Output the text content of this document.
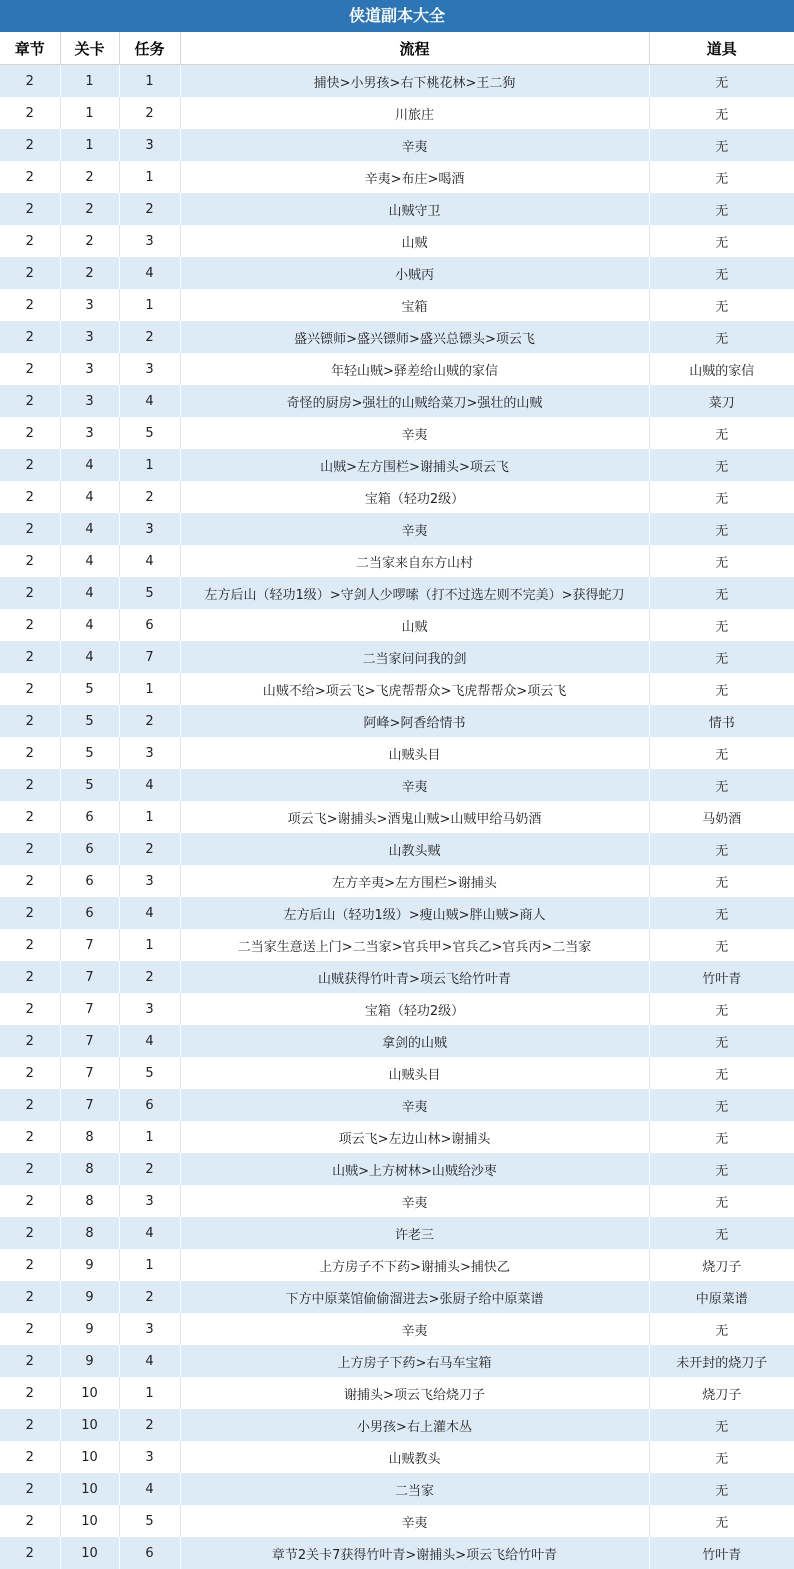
侠道副本大全
章节	关卡	任务	流程	道具
2	1	1	捕快>小男孩>右下桃花林>王二狗	无
2	1	2	川旅庄	无
2	1	3	辛夷	无
2	2	1	辛夷>布庄>喝酒	无
2	2	2	山贼守卫	无
2	2	3	山贼	无
2	2	4	小贼丙	无
2	3	1	宝箱	无
2	3	2	盛兴镖师>盛兴镖师>盛兴总镖头>项云飞	无
2	3	3	年轻山贼>驿差给山贼的家信	山贼的家信
2	3	4	奇怪的厨房>强壮的山贼给菜刀>强壮的山贼	菜刀
2	3	5	辛夷	无
2	4	1	山贼>左方围栏>谢捕头>项云飞	无
2	4	2	宝箱（轻功2级）	无
2	4	3	辛夷	无
2	4	4	二当家来自东方山村	无
2	4	5	左方后山（轻功1级）>守剑人少啰嗦（打不过选左则不完美）>获得蛇刀	无
2	4	6	山贼	无
2	4	7	二当家问问我的剑	无
2	5	1	山贼不给>项云飞>飞虎帮帮众>飞虎帮帮众>项云飞	无
2	5	2	阿峰>阿香给情书	情书
2	5	3	山贼头目	无
2	5	4	辛夷	无
2	6	1	项云飞>谢捕头>酒鬼山贼>山贼甲给马奶酒	马奶酒
2	6	2	山教头贼	无
2	6	3	左方辛夷>左方围栏>谢捕头	无
2	6	4	左方后山（轻功1级）>瘦山贼>胖山贼>商人	无
2	7	1	二当家生意送上门>二当家>官兵甲>官兵乙>官兵丙>二当家	无
2	7	2	山贼获得竹叶青>项云飞给竹叶青	竹叶青
2	7	3	宝箱（轻功2级）	无
2	7	4	拿剑的山贼	无
2	7	5	山贼头目	无
2	7	6	辛夷	无
2	8	1	项云飞>左边山林>谢捕头	无
2	8	2	山贼>上方树林>山贼给沙枣	无
2	8	3	辛夷	无
2	8	4	许老三	无
2	9	1	上方房子不下药>谢捕头>捕快乙	烧刀子
2	9	2	下方中原菜馆偷偷溜进去>张厨子给中原菜谱	中原菜谱
2	9	3	辛夷	无
2	9	4	上方房子下药>右马车宝箱	未开封的烧刀子
2	10	1	谢捕头>项云飞给烧刀子	烧刀子
2	10	2	小男孩>右上灌木丛	无
2	10	3	山贼教头	无
2	10	4	二当家	无
2	10	5	辛夷	无
2	10	6	章节2关卡7获得竹叶青>谢捕头>项云飞给竹叶青	竹叶青
